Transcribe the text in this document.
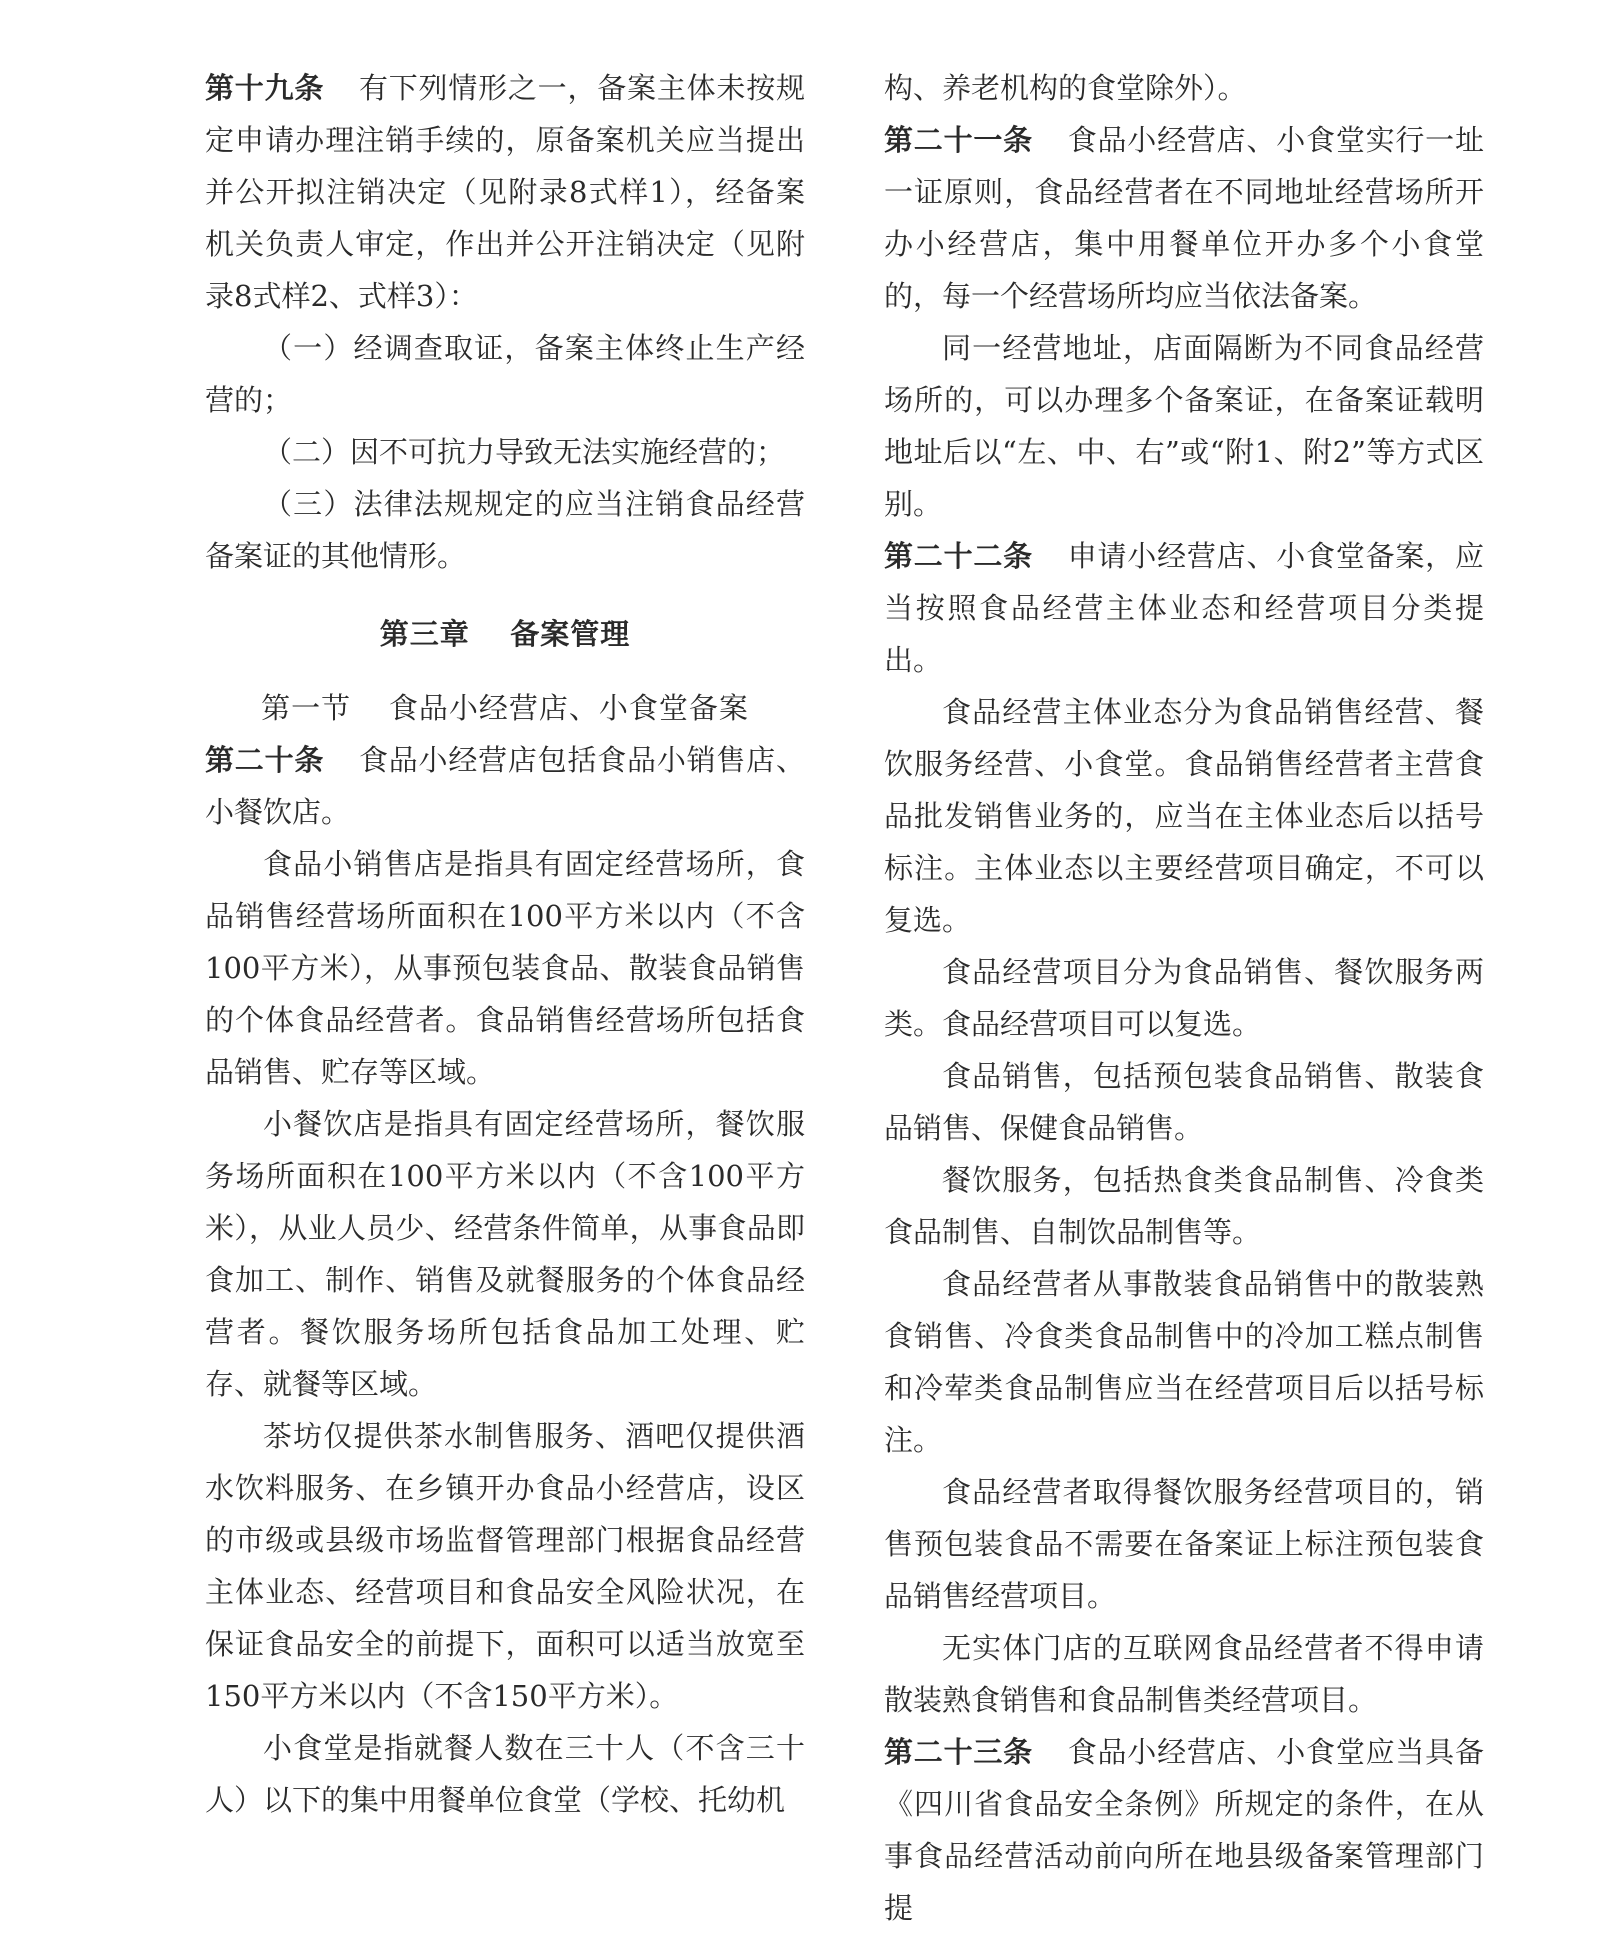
第十九条 有下列情形之一，备案主体未按规定申请办理注销手续的，原备案机关应当提出并公开拟注销决定（见附录8式样1），经备案机关负责人审定，作出并公开注销决定（见附录8式样2、式样3）：

（一）经调查取证，备案主体终止生产经营的；

（二）因不可抗力导致无法实施经营的；

（三）法律法规规定的应当注销食品经营备案证的其他情形。

第三章 备案管理
第一节 食品小经营店、小食堂备案

第二十条 食品小经营店包括食品小销售店、小餐饮店。

食品小销售店是指具有固定经营场所，食品销售经营场所面积在100平方米以内（不含100平方米），从事预包装食品、散装食品销售的个体食品经营者。食品销售经营场所包括食品销售、贮存等区域。

小餐饮店是指具有固定经营场所，餐饮服务场所面积在100平方米以内（不含100平方米），从业人员少、经营条件简单，从事食品即食加工、制作、销售及就餐服务的个体食品经营者。餐饮服务场所包括食品加工处理、贮存、就餐等区域。

茶坊仅提供茶水制售服务、酒吧仅提供酒水饮料服务、在乡镇开办食品小经营店，设区的市级或县级市场监督管理部门根据食品经营主体业态、经营项目和食品安全风险状况，在保证食品安全的前提下，面积可以适当放宽至150平方米以内（不含150平方米）。

小食堂是指就餐人数在三十人（不含三十人）以下的集中用餐单位食堂（学校、托幼机

构、养老机构的食堂除外）。

第二十一条 食品小经营店、小食堂实行一址一证原则，食品经营者在不同地址经营场所开办小经营店，集中用餐单位开办多个小食堂的，每一个经营场所均应当依法备案。

同一经营地址，店面隔断为不同食品经营场所的，可以办理多个备案证，在备案证载明地址后以“左、中、右”或“附1、附2”等方式区别。

第二十二条 申请小经营店、小食堂备案，应当按照食品经营主体业态和经营项目分类提出。

食品经营主体业态分为食品销售经营、餐饮服务经营、小食堂。食品销售经营者主营食品批发销售业务的，应当在主体业态后以括号标注。主体业态以主要经营项目确定，不可以复选。

食品经营项目分为食品销售、餐饮服务两类。食品经营项目可以复选。

食品销售，包括预包装食品销售、散装食品销售、保健食品销售。

餐饮服务，包括热食类食品制售、冷食类食品制售、自制饮品制售等。

食品经营者从事散装食品销售中的散装熟食销售、冷食类食品制售中的冷加工糕点制售和冷荤类食品制售应当在经营项目后以括号标注。

食品经营者取得餐饮服务经营项目的，销售预包装食品不需要在备案证上标注预包装食品销售经营项目。

无实体门店的互联网食品经营者不得申请散装熟食销售和食品制售类经营项目。

第二十三条 食品小经营店、小食堂应当具备《四川省食品安全条例》所规定的条件，在从事食品经营活动前向所在地县级备案管理部门提
